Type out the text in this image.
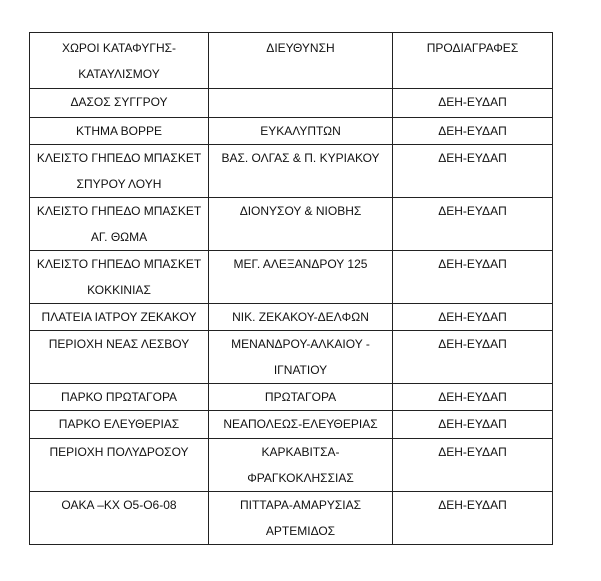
ΧΩΡΟΙ ΚΑΤΑΦΥΓΗΣ-
ΚΑΤΑΥΛΙΣΜΟΥ	ΔΙΕΥΘΥΝΣΗ	ΠΡΟΔΙΑΓΡΑΦΕΣ

ΔΑΣΟΣ ΣΥΓΓΡΟΥ		ΔΕΗ-ΕΥΔΑΠ

ΚΤΗΜΑ ΒΟΡΡΕ	ΕΥΚΑΛΥΠΤΩΝ	ΔΕΗ-ΕΥΔΑΠ

ΚΛΕΙΣΤΟ ΓΗΠΕΔΟ ΜΠΑΣΚΕΤ
ΣΠΥΡΟΥ ΛΟΥΗ	ΒΑΣ. ΟΛΓΑΣ & Π. ΚΥΡΙΑΚΟΥ	ΔΕΗ-ΕΥΔΑΠ

ΚΛΕΙΣΤΟ ΓΗΠΕΔΟ ΜΠΑΣΚΕΤ
ΑΓ. ΘΩΜΑ	ΔΙΟΝΥΣΟΥ & ΝΙΟΒΗΣ	ΔΕΗ-ΕΥΔΑΠ

ΚΛΕΙΣΤΟ ΓΗΠΕΔΟ ΜΠΑΣΚΕΤ
ΚΟΚΚΙΝΙΑΣ	ΜΕΓ. ΑΛΕΞΑΝΔΡΟΥ 125	ΔΕΗ-ΕΥΔΑΠ

ΠΛΑΤΕΙΑ ΙΑΤΡΟΥ ΖΕΚΑΚΟΥ	ΝΙΚ. ΖΕΚΑΚΟΥ-ΔΕΛΦΩΝ	ΔΕΗ-ΕΥΔΑΠ

ΠΕΡΙΟΧΗ ΝΕΑΣ ΛΕΣΒΟΥ	ΜΕΝΑΝΔΡΟΥ-ΑΛΚΑΙΟΥ -
ΙΓΝΑΤΙΟΥ	ΔΕΗ-ΕΥΔΑΠ

ΠΑΡΚΟ ΠΡΩΤΑΓΟΡΑ	ΠΡΩΤΑΓΟΡΑ	ΔΕΗ-ΕΥΔΑΠ

ΠΑΡΚΟ ΕΛΕΥΘΕΡΙΑΣ	ΝΕΑΠΟΛΕΩΣ-ΕΛΕΥΘΕΡΙΑΣ	ΔΕΗ-ΕΥΔΑΠ

ΠΕΡΙΟΧΗ ΠΟΛΥΔΡΟΣΟΥ	ΚΑΡΚΑΒΙΤΣΑ-
ΦΡΑΓΚΟΚΛΗΣΣΙΑΣ	ΔΕΗ-ΕΥΔΑΠ

ΟΑΚΑ –ΚΧ Ο5-Ο6-08	ΠΙΤΤΑΡΑ-ΑΜΑΡΥΣΙΑΣ
ΑΡΤΕΜΙΔΟΣ	ΔΕΗ-ΕΥΔΑΠ
